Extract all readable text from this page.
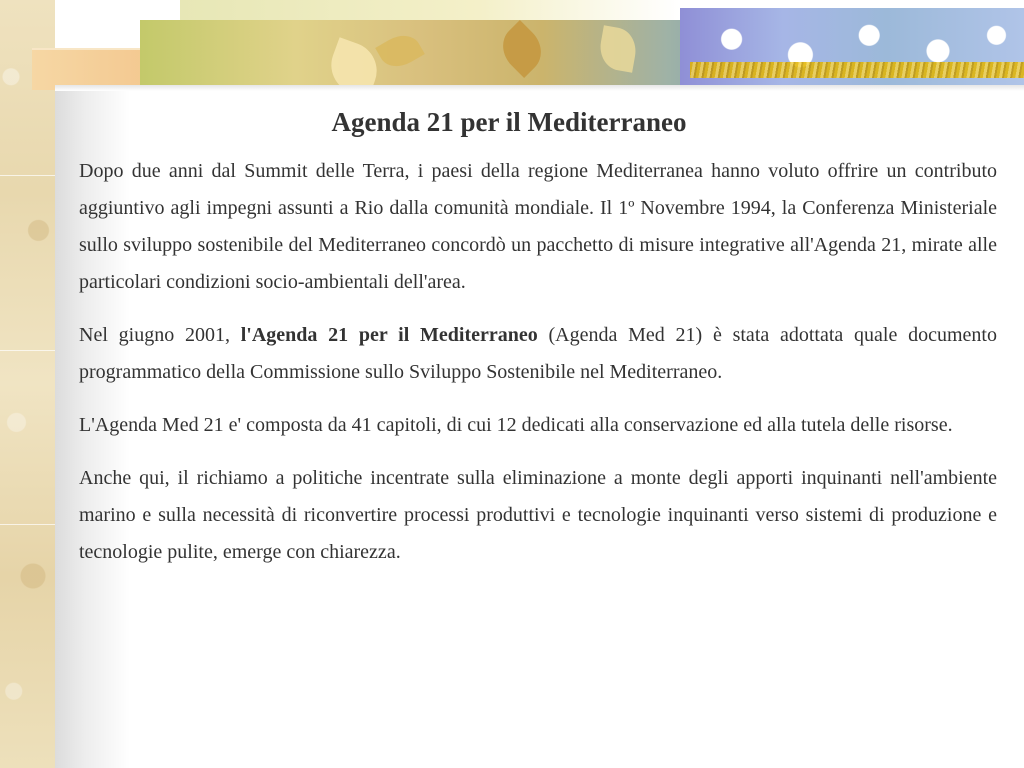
Agenda 21 per il Mediterraneo

Dopo due anni dal Summit delle Terra, i paesi della regione Mediterranea hanno voluto offrire un contributo aggiuntivo agli impegni assunti a Rio dalla comunità mondiale. Il 1º Novembre 1994, la Conferenza Ministeriale sullo sviluppo sostenibile del Mediterraneo concordò un pacchetto di misure integrative all'Agenda 21, mirate alle particolari condizioni socio-ambientali dell'area.

Nel giugno 2001, l'Agenda 21 per il Mediterraneo (Agenda Med 21) è stata adottata quale documento programmatico della Commissione sullo Sviluppo Sostenibile nel Mediterraneo.

L'Agenda Med 21 e' composta da 41 capitoli, di cui 12 dedicati alla conservazione ed alla tutela delle risorse.

Anche qui, il richiamo a politiche incentrate sulla eliminazione a monte degli apporti inquinanti nell'ambiente marino e sulla necessità di riconvertire processi produttivi e tecnologie inquinanti verso sistemi di produzione e tecnologie pulite, emerge con chiarezza.
